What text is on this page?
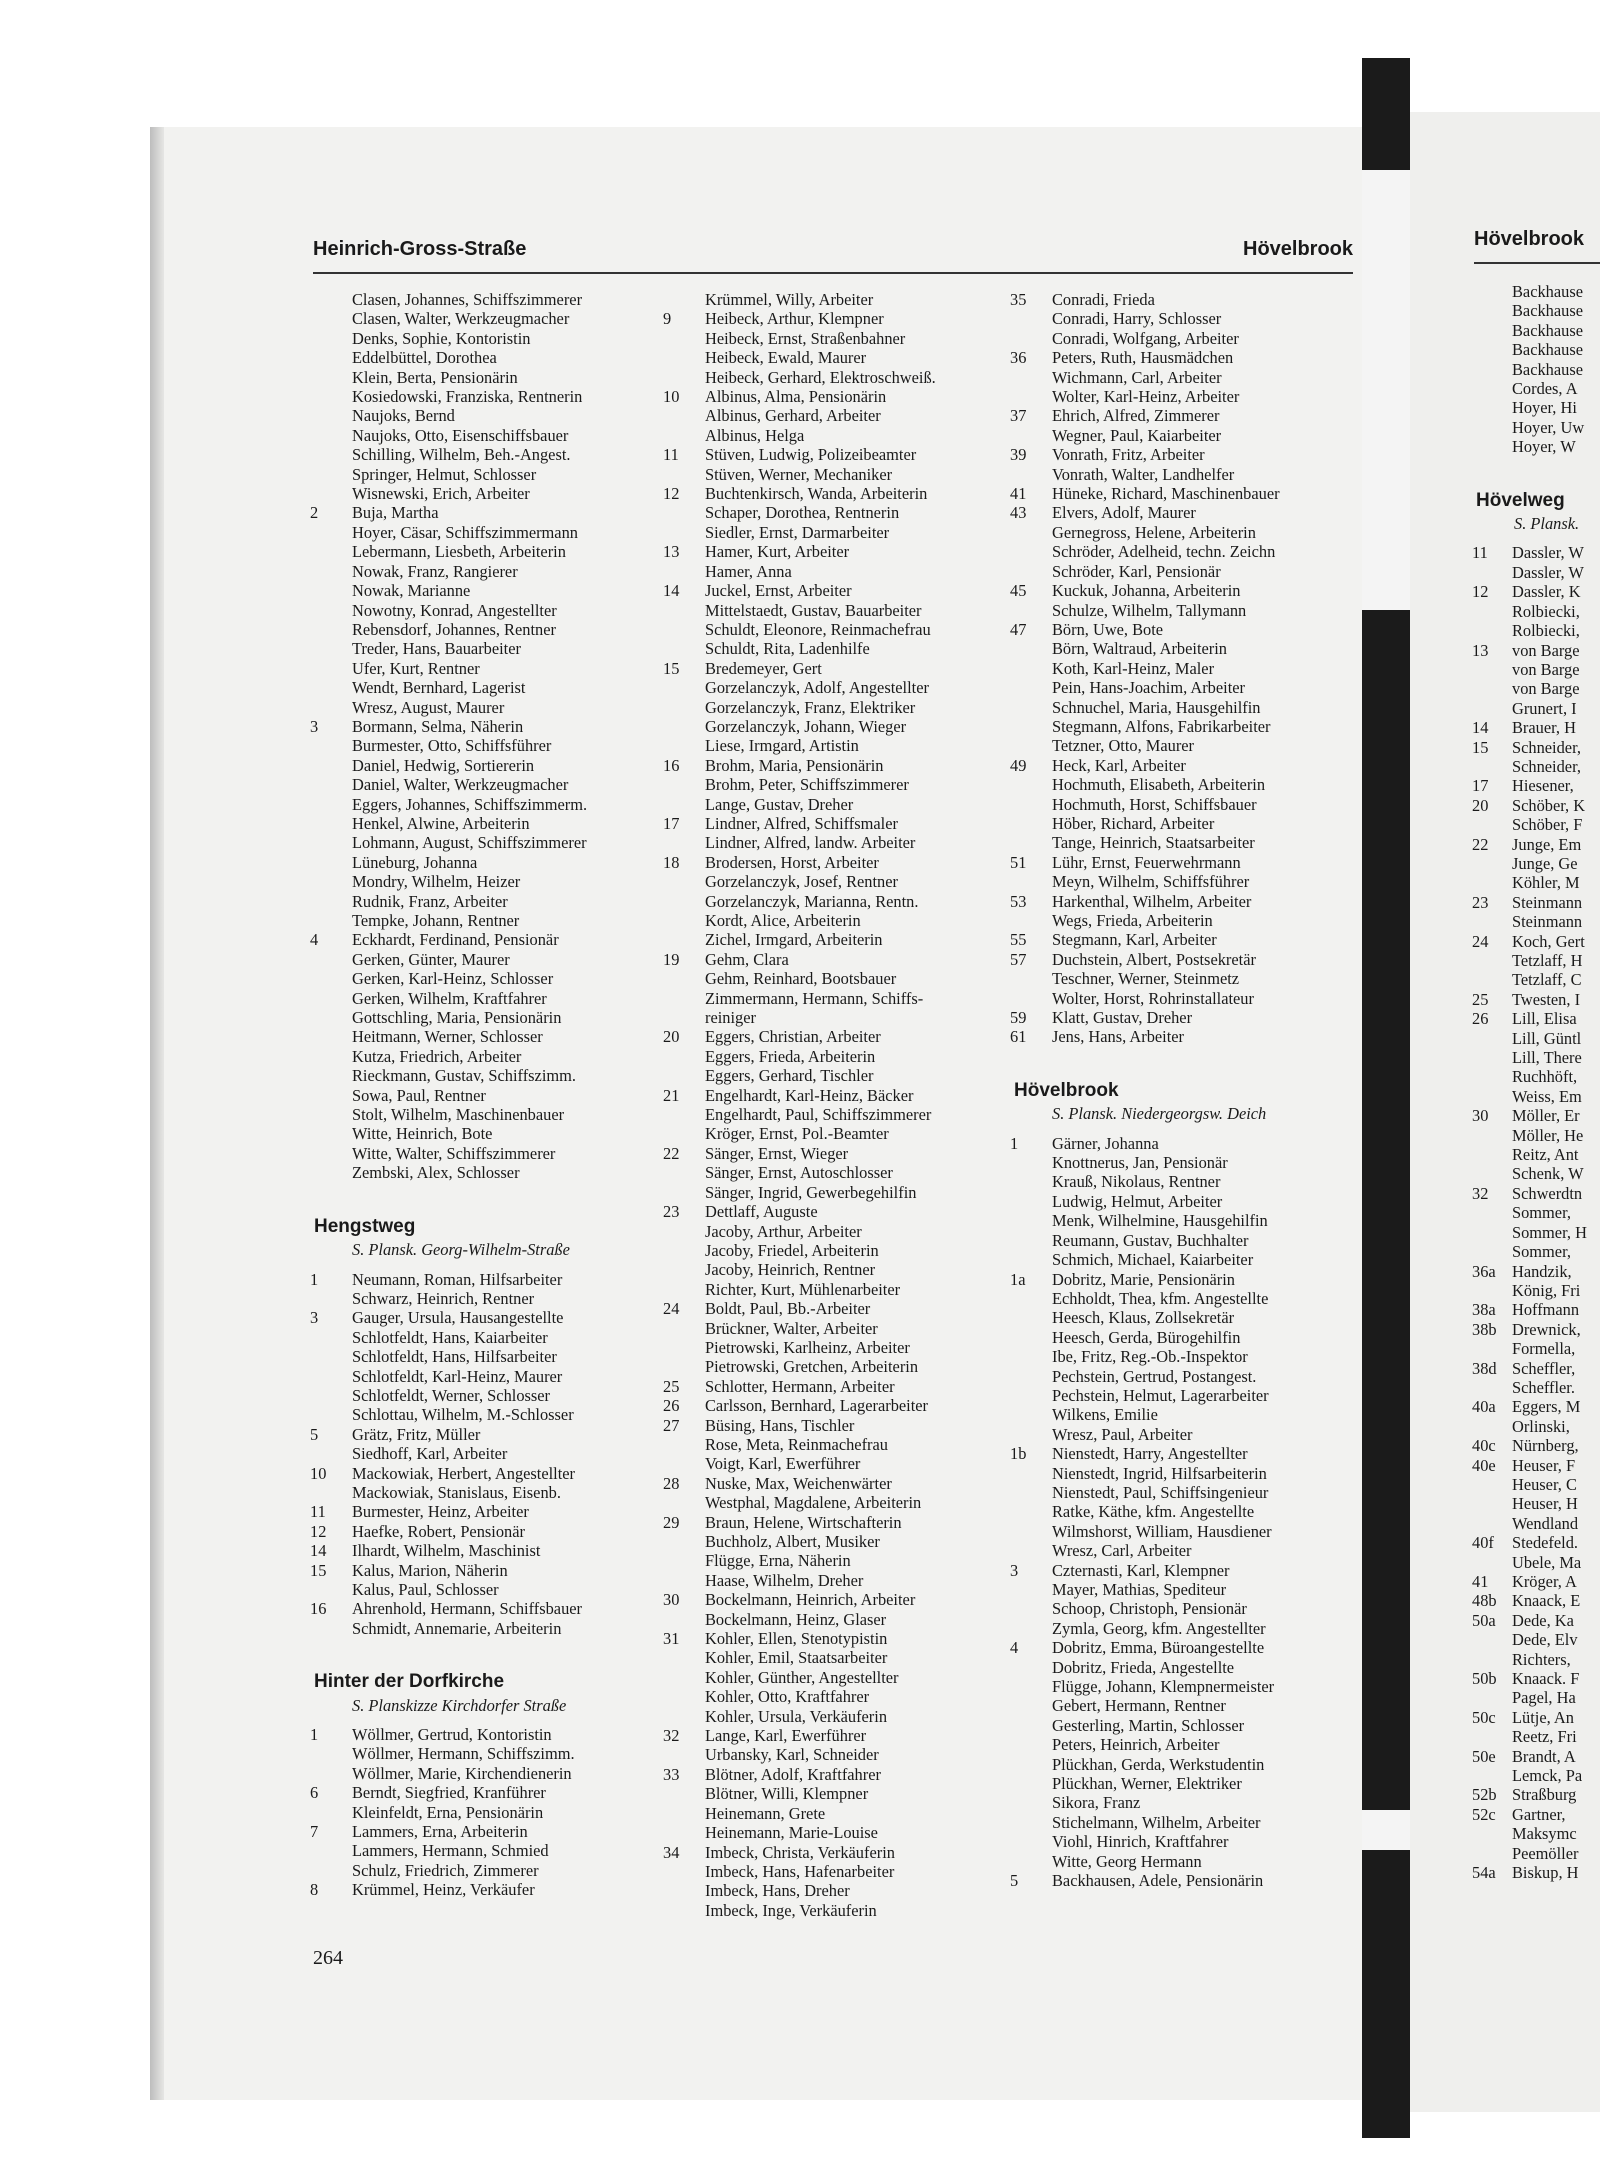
Heinrich-Gross-Straße	Hövelbrook	Hövelbrook
Clasen, Johannes, Schiffszimmerer
Clasen, Walter, Werkzeugmacher
Denks, Sophie, Kontoristin
Eddelbüttel, Dorothea
Klein, Berta, Pensionärin
Kosiedowski, Franziska, Rentnerin
Naujoks, Bernd
Naujoks, Otto, Eisenschiffsbauer
Schilling, Wilhelm, Beh.-Angest.
Springer, Helmut, Schlosser
Wisnewski, Erich, Arbeiter
2	Buja, Martha
Hoyer, Cäsar, Schiffszimmermann
Lebermann, Liesbeth, Arbeiterin
Nowak, Franz, Rangierer
Nowak, Marianne
Nowotny, Konrad, Angestellter
Rebensdorf, Johannes, Rentner
Treder, Hans, Bauarbeiter
Ufer, Kurt, Rentner
Wendt, Bernhard, Lagerist
Wresz, August, Maurer
3	Bormann, Selma, Näherin
Burmester, Otto, Schiffsführer
Daniel, Hedwig, Sortiererin
Daniel, Walter, Werkzeugmacher
Eggers, Johannes, Schiffszimmerm.
Henkel, Alwine, Arbeiterin
Lohmann, August, Schiffszimmerer
Lüneburg, Johanna
Mondry, Wilhelm, Heizer
Rudnik, Franz, Arbeiter
Tempke, Johann, Rentner
4	Eckhardt, Ferdinand, Pensionär
Gerken, Günter, Maurer
Gerken, Karl-Heinz, Schlosser
Gerken, Wilhelm, Kraftfahrer
Gottschling, Maria, Pensionärin
Heitmann, Werner, Schlosser
Kutza, Friedrich, Arbeiter
Rieckmann, Gustav, Schiffszimm.
Sowa, Paul, Rentner
Stolt, Wilhelm, Maschinenbauer
Witte, Heinrich, Bote
Witte, Walter, Schiffszimmerer
Zembski, Alex, Schlosser
Hengstweg
S. Plansk. Georg-Wilhelm-Straße
1	Neumann, Roman, Hilfsarbeiter
Schwarz, Heinrich, Rentner
3	Gauger, Ursula, Hausangestellte
Schlotfeldt, Hans, Kaiarbeiter
Schlotfeldt, Hans, Hilfsarbeiter
Schlotfeldt, Karl-Heinz, Maurer
Schlotfeldt, Werner, Schlosser
Schlottau, Wilhelm, M.-Schlosser
5	Grätz, Fritz, Müller
Siedhoff, Karl, Arbeiter
10	Mackowiak, Herbert, Angestellter
Mackowiak, Stanislaus, Eisenb.
11	Burmester, Heinz, Arbeiter
12	Haefke, Robert, Pensionär
14	Ilhardt, Wilhelm, Maschinist
15	Kalus, Marion, Näherin
Kalus, Paul, Schlosser
16	Ahrenhold, Hermann, Schiffsbauer
Schmidt, Annemarie, Arbeiterin
Hinter der Dorfkirche
S. Planskizze Kirchdorfer Straße
1	Wöllmer, Gertrud, Kontoristin
Wöllmer, Hermann, Schiffszimm.
Wöllmer, Marie, Kirchendienerin
6	Berndt, Siegfried, Kranführer
Kleinfeldt, Erna, Pensionärin
7	Lammers, Erna, Arbeiterin
Lammers, Hermann, Schmied
Schulz, Friedrich, Zimmerer
8	Krümmel, Heinz, Verkäufer
Krümmel, Willy, Arbeiter
9	Heibeck, Arthur, Klempner
Heibeck, Ernst, Straßenbahner
Heibeck, Ewald, Maurer
Heibeck, Gerhard, Elektroschweiß.
10	Albinus, Alma, Pensionärin
Albinus, Gerhard, Arbeiter
Albinus, Helga
11	Stüven, Ludwig, Polizeibeamter
Stüven, Werner, Mechaniker
12	Buchtenkirsch, Wanda, Arbeiterin
Schaper, Dorothea, Rentnerin
Siedler, Ernst, Darmarbeiter
13	Hamer, Kurt, Arbeiter
Hamer, Anna
14	Juckel, Ernst, Arbeiter
Mittelstaedt, Gustav, Bauarbeiter
Schuldt, Eleonore, Reinmachefrau
Schuldt, Rita, Ladenhilfe
15	Bredemeyer, Gert
Gorzelanczyk, Adolf, Angestellter
Gorzelanczyk, Franz, Elektriker
Gorzelanczyk, Johann, Wieger
Liese, Irmgard, Artistin
16	Brohm, Maria, Pensionärin
Brohm, Peter, Schiffszimmerer
Lange, Gustav, Dreher
17	Lindner, Alfred, Schiffsmaler
Lindner, Alfred, landw. Arbeiter
18	Brodersen, Horst, Arbeiter
Gorzelanczyk, Josef, Rentner
Gorzelanczyk, Marianna, Rentn.
Kordt, Alice, Arbeiterin
Zichel, Irmgard, Arbeiterin
19	Gehm, Clara
Gehm, Reinhard, Bootsbauer
Zimmermann, Hermann, Schiffs-
reiniger
20	Eggers, Christian, Arbeiter
Eggers, Frieda, Arbeiterin
Eggers, Gerhard, Tischler
21	Engelhardt, Karl-Heinz, Bäcker
Engelhardt, Paul, Schiffszimmerer
Kröger, Ernst, Pol.-Beamter
22	Sänger, Ernst, Wieger
Sänger, Ernst, Autoschlosser
Sänger, Ingrid, Gewerbegehilfin
23	Dettlaff, Auguste
Jacoby, Arthur, Arbeiter
Jacoby, Friedel, Arbeiterin
Jacoby, Heinrich, Rentner
Richter, Kurt, Mühlenarbeiter
24	Boldt, Paul, Bb.-Arbeiter
Brückner, Walter, Arbeiter
Pietrowski, Karlheinz, Arbeiter
Pietrowski, Gretchen, Arbeiterin
25	Schlotter, Hermann, Arbeiter
26	Carlsson, Bernhard, Lagerarbeiter
27	Büsing, Hans, Tischler
Rose, Meta, Reinmachefrau
Voigt, Karl, Ewerführer
28	Nuske, Max, Weichenwärter
Westphal, Magdalene, Arbeiterin
29	Braun, Helene, Wirtschafterin
Buchholz, Albert, Musiker
Flügge, Erna, Näherin
Haase, Wilhelm, Dreher
30	Bockelmann, Heinrich, Arbeiter
Bockelmann, Heinz, Glaser
31	Kohler, Ellen, Stenotypistin
Kohler, Emil, Staatsarbeiter
Kohler, Günther, Angestellter
Kohler, Otto, Kraftfahrer
Kohler, Ursula, Verkäuferin
32	Lange, Karl, Ewerführer
Urbansky, Karl, Schneider
33	Blötner, Adolf, Kraftfahrer
Blötner, Willi, Klempner
Heinemann, Grete
Heinemann, Marie-Louise
34	Imbeck, Christa, Verkäuferin
Imbeck, Hans, Hafenarbeiter
Imbeck, Hans, Dreher
Imbeck, Inge, Verkäuferin
35	Conradi, Frieda
Conradi, Harry, Schlosser
Conradi, Wolfgang, Arbeiter
36	Peters, Ruth, Hausmädchen
Wichmann, Carl, Arbeiter
Wolter, Karl-Heinz, Arbeiter
37	Ehrich, Alfred, Zimmerer
Wegner, Paul, Kaiarbeiter
39	Vonrath, Fritz, Arbeiter
Vonrath, Walter, Landhelfer
41	Hüneke, Richard, Maschinenbauer
43	Elvers, Adolf, Maurer
Gernegross, Helene, Arbeiterin
Schröder, Adelheid, techn. Zeichn
Schröder, Karl, Pensionär
45	Kuckuk, Johanna, Arbeiterin
Schulze, Wilhelm, Tallymann
47	Börn, Uwe, Bote
Börn, Waltraud, Arbeiterin
Koth, Karl-Heinz, Maler
Pein, Hans-Joachim, Arbeiter
Schnuchel, Maria, Hausgehilfin
Stegmann, Alfons, Fabrikarbeiter
Tetzner, Otto, Maurer
49	Heck, Karl, Arbeiter
Hochmuth, Elisabeth, Arbeiterin
Hochmuth, Horst, Schiffsbauer
Höber, Richard, Arbeiter
Tange, Heinrich, Staatsarbeiter
51	Lühr, Ernst, Feuerwehrmann
Meyn, Wilhelm, Schiffsführer
53	Harkenthal, Wilhelm, Arbeiter
Wegs, Frieda, Arbeiterin
55	Stegmann, Karl, Arbeiter
57	Duchstein, Albert, Postsekretär
Teschner, Werner, Steinmetz
Wolter, Horst, Rohrinstallateur
59	Klatt, Gustav, Dreher
61	Jens, Hans, Arbeiter
Hövelbrook
S. Plansk. Niedergeorgsw. Deich
1	Gärner, Johanna
Knottnerus, Jan, Pensionär
Krauß, Nikolaus, Rentner
Ludwig, Helmut, Arbeiter
Menk, Wilhelmine, Hausgehilfin
Reumann, Gustav, Buchhalter
Schmich, Michael, Kaiarbeiter
1a	Dobritz, Marie, Pensionärin
Echholdt, Thea, kfm. Angestellte
Heesch, Klaus, Zollsekretär
Heesch, Gerda, Bürogehilfin
Ibe, Fritz, Reg.-Ob.-Inspektor
Pechstein, Gertrud, Postangest.
Pechstein, Helmut, Lagerarbeiter
Wilkens, Emilie
Wresz, Paul, Arbeiter
1b	Nienstedt, Harry, Angestellter
Nienstedt, Ingrid, Hilfsarbeiterin
Nienstedt, Paul, Schiffsingenieur
Ratke, Käthe, kfm. Angestellte
Wilmshorst, William, Hausdiener
Wresz, Carl, Arbeiter
3	Czternasti, Karl, Klempner
Mayer, Mathias, Spediteur
Schoop, Christoph, Pensionär
Zymla, Georg, kfm. Angestellter
4	Dobritz, Emma, Büroangestellte
Dobritz, Frieda, Angestellte
Flügge, Johann, Klempnermeister
Gebert, Hermann, Rentner
Gesterling, Martin, Schlosser
Peters, Heinrich, Arbeiter
Plückhan, Gerda, Werkstudentin
Plückhan, Werner, Elektriker
Sikora, Franz
Stichelmann, Wilhelm, Arbeiter
Viohl, Hinrich, Kraftfahrer
Witte, Georg Hermann
5	Backhausen, Adele, Pensionärin
Backhause
Backhause
Backhause
Backhause
Backhause
Cordes, A
Hoyer, Hi
Hoyer, Uw
Hoyer, W
Hövelweg
S. Plansk.
11	Dassler, W
Dassler, W
12	Dassler, K
Rolbiecki,
Rolbiecki,
13	von Barge
von Barge
von Barge
Grunert, I
14	Brauer, H
15	Schneider,
Schneider,
17	Hiesener,
20	Schöber, K
Schöber, F
22	Junge, Em
Junge, Ge
Köhler, M
23	Steinmann
Steinmann
24	Koch, Gert
Tetzlaff, H
Tetzlaff, C
25	Twesten, I
26	Lill, Elisa
Lill, Güntl
Lill, There
Ruchhöft,
Weiss, Em
30	Möller, Er
Möller, He
Reitz, Ant
Schenk, W
32	Schwerdtn
Sommer,
Sommer, H
Sommer,
36a Handzik,
König, Fri
38a Hoffmann
38b Drewnick,
Formella,
38d Scheffler,
Scheffler.
40a Eggers, M
Orlinski,
40c Nürnberg,
40e Heuser, F
Heuser, C
Heuser, H
Wendland
40f	Stedefeld.
Ubele, Ma
41	Kröger, A
48b Knaack, E
50a Dede, Ka
Dede, Elv
Richters,
50b Knaack. F
Pagel, Ha
50c Lütje, An
Reetz, Fri
50e Brandt, A
Lemck, Pa
52b Straßburg
52c Gartner,
Maksymc
Peemöller
54a Biskup, H
264
